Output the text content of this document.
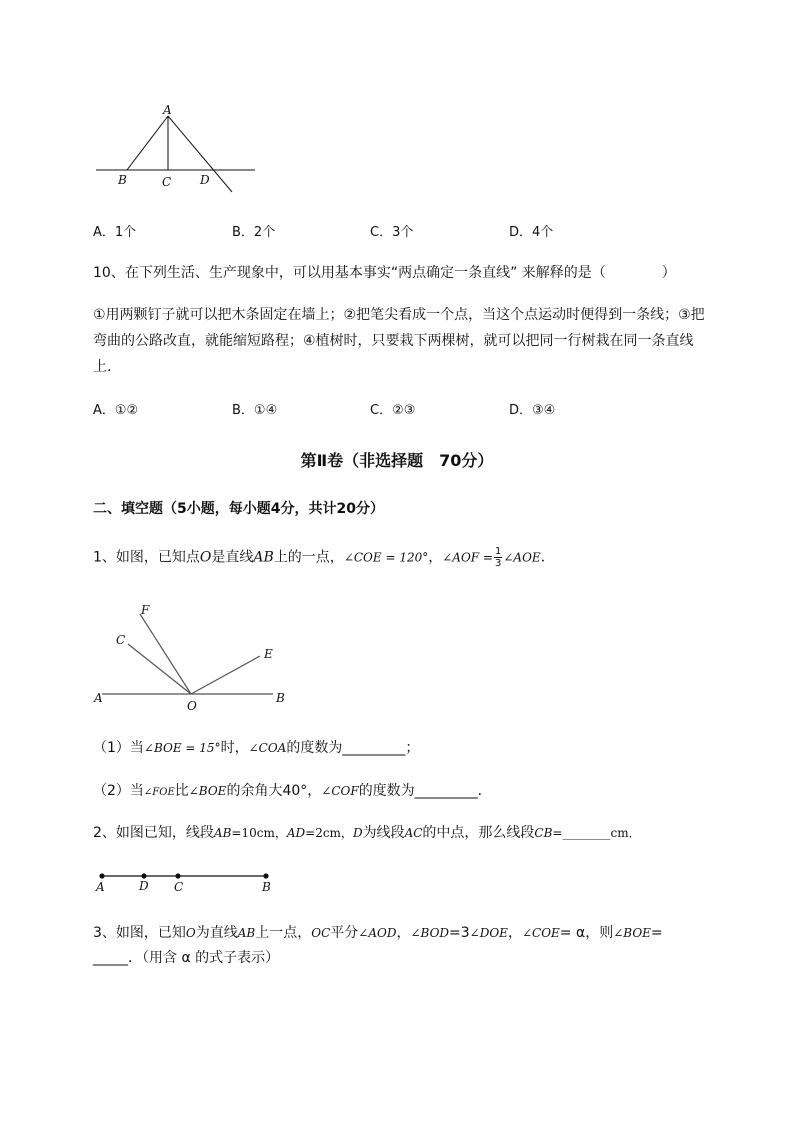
A
B	C D
A．1个	B．2个	C．3个	D．4个
10、在下列生活、生产现象中，可以用基本事实“两点确定一条直线” 来解释的是（　　　　）
①用两颗钉子就可以把木条固定在墙上；②把笔尖看成一个点，当这个点运动时便得到一条线；③把
弯曲的公路改直，就能缩短路程；④植树时，只要栽下两棵树，就可以把同一行树栽在同一条直线
上．
A．①②	B．①④	C．②③	D．③④
第Ⅱ卷（非选择题　70分）
二、填空题（5小题，每小题4分，共计20分）
1、如图，已知点O是直线AB上的一点，∠COE = 120°，∠AOF = $\frac{1}{3}$ ∠AOE．
F
C
E
A
O
B
（1）当∠BOE = 15°时，∠COA的度数为_________；
（2）当∠FOE比∠BOE的余角大40°，∠COF的度数为_________．
2、如图已知，线段AB=10cm，AD=2cm，D为线段AC的中点，那么线段CB=________cm．
A	D C	B
3、如图，已知O为直线AB上一点，OC平分∠AOD，∠BOD=3∠DOE，∠COE= α，则∠BOE=
_____．（用含 α 的式子表示）
